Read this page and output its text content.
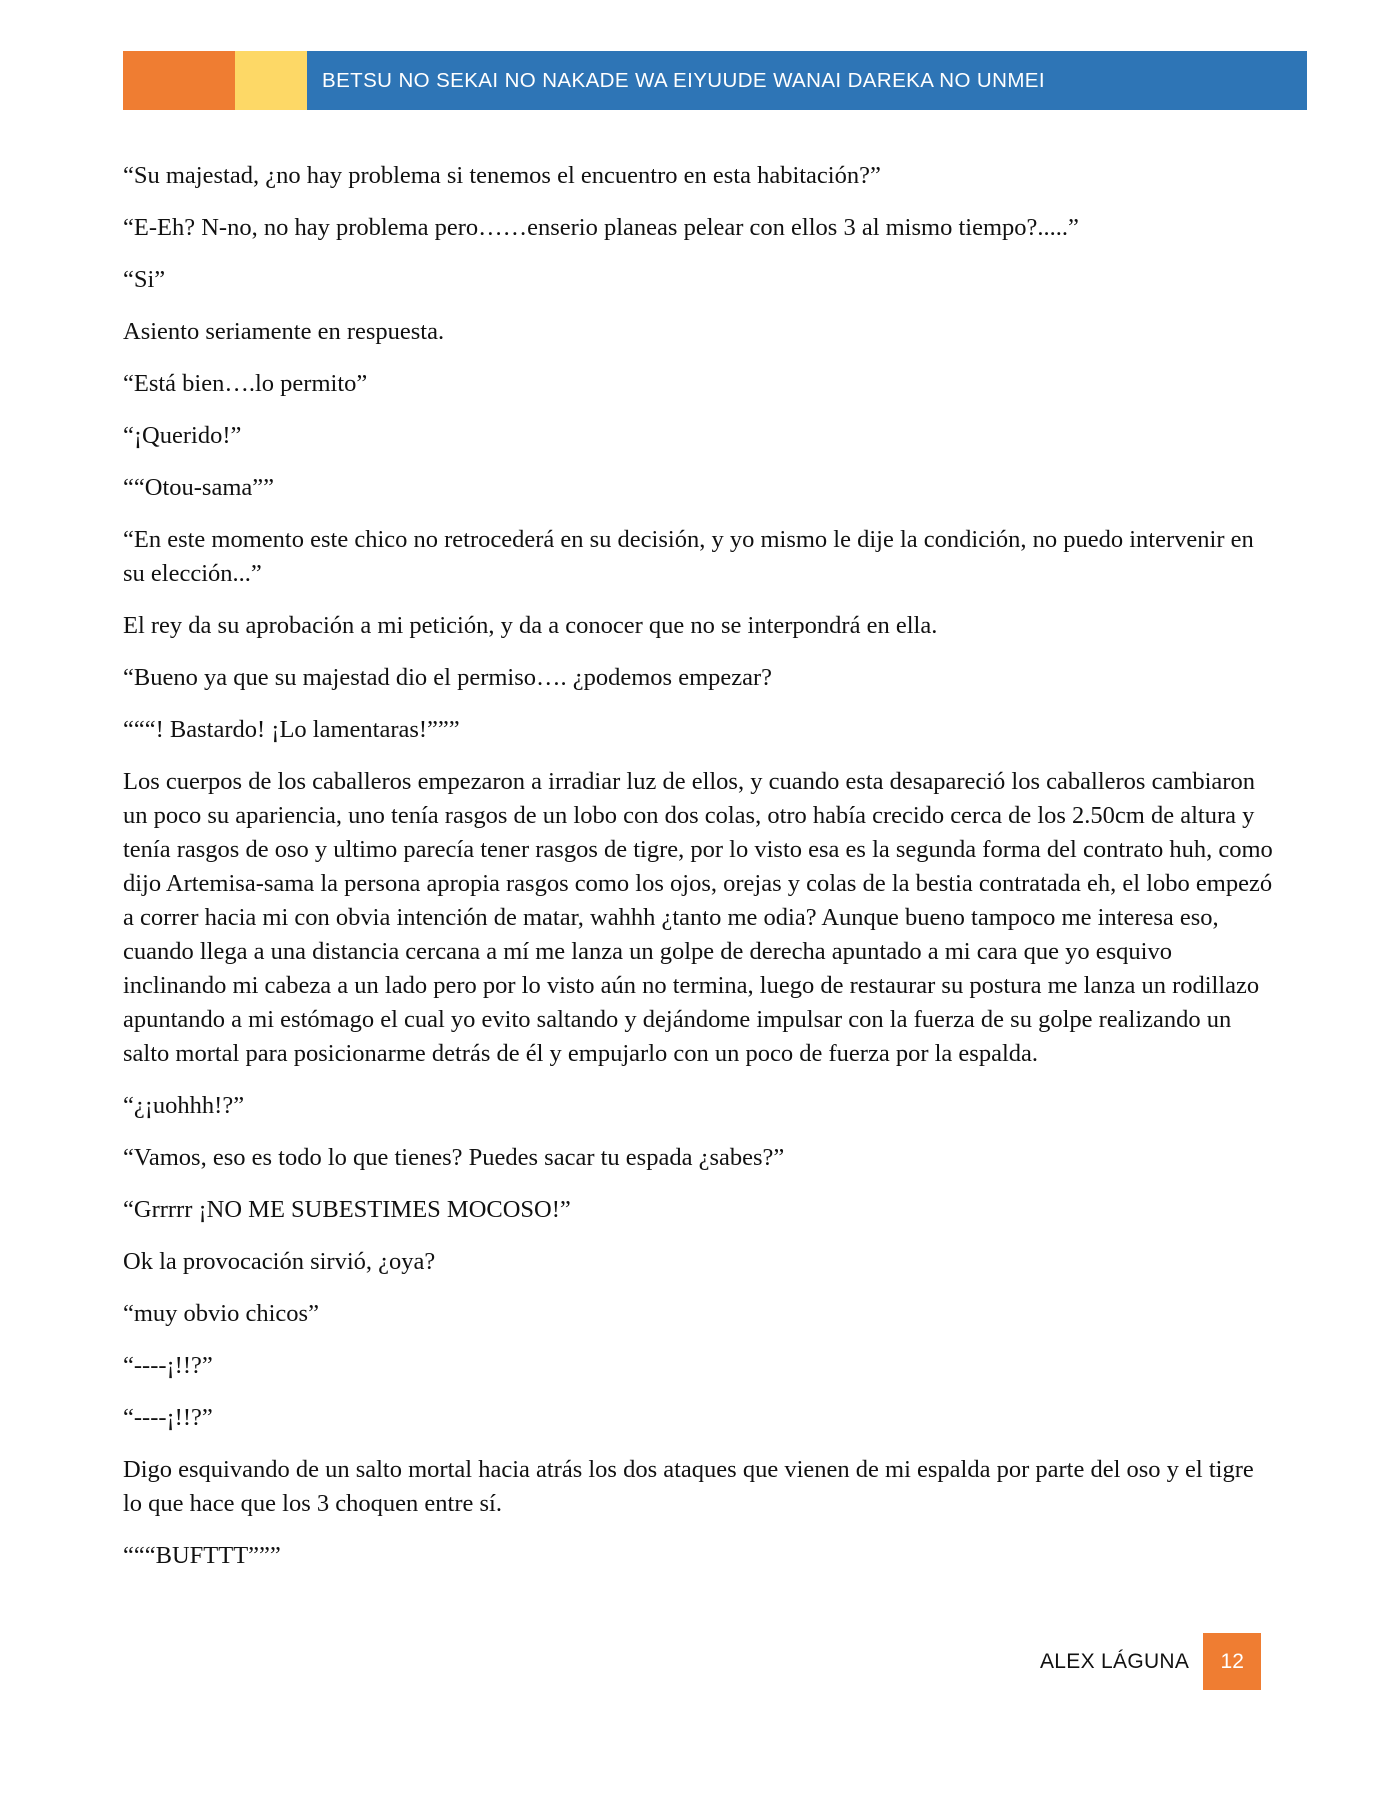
BETSU NO SEKAI NO NAKADE WA EIYUUDE WANAI DAREKA NO UNMEI

“Su majestad, ¿no hay problema si tenemos el encuentro en esta habitación?”

“E-Eh? N-no, no hay problema pero……enserio planeas pelear con ellos 3 al mismo tiempo?.....”

“Si”

Asiento seriamente en respuesta.

“Está bien….lo permito”

“¡Querido!”

““Otou-sama””

“En este momento este chico no retrocederá en su decisión, y yo mismo le dije la condición, no puedo intervenir en su elección...”

El rey da su aprobación a mi petición, y da a conocer que no se interpondrá en ella.

“Bueno ya que su majestad dio el permiso…. ¿podemos empezar?

“““! Bastardo! ¡Lo lamentaras!”””

Los cuerpos de los caballeros empezaron a irradiar luz de ellos, y cuando esta desapareció los caballeros cambiaron un poco su apariencia, uno tenía rasgos de un lobo con dos colas, otro había crecido cerca de los 2.50cm de altura y tenía rasgos de oso y ultimo parecía tener rasgos de tigre, por lo visto esa es la segunda forma del contrato huh, como dijo Artemisa-sama la persona apropia rasgos como los ojos, orejas y colas de la bestia contratada eh, el lobo empezó a correr hacia mi con obvia intención de matar, wahhh ¿tanto me odia? Aunque bueno tampoco me interesa eso, cuando llega a una distancia cercana a mí me lanza un golpe de derecha apuntado a mi cara que yo esquivo inclinando mi cabeza a un lado pero por lo visto aún no termina, luego de restaurar su postura me lanza un rodillazo apuntando a mi estómago el cual yo evito saltando y dejándome impulsar con la fuerza de su golpe realizando un salto mortal para posicionarme detrás de él y empujarlo con un poco de fuerza por la espalda.

“¿¡uohhh!?”

“Vamos, eso es todo lo que tienes? Puedes sacar tu espada ¿sabes?”

“Grrrrr ¡NO ME SUBESTIMES MOCOSO!”

Ok la provocación sirvió, ¿oya?

“muy obvio chicos”

“----¡!!?”

“----¡!!?”

Digo esquivando de un salto mortal hacia atrás los dos ataques que vienen de mi espalda por parte del oso y el tigre lo que hace que los 3 choquen entre sí.

“““BUFTTT”””

ALEX LÁGUNA	12
